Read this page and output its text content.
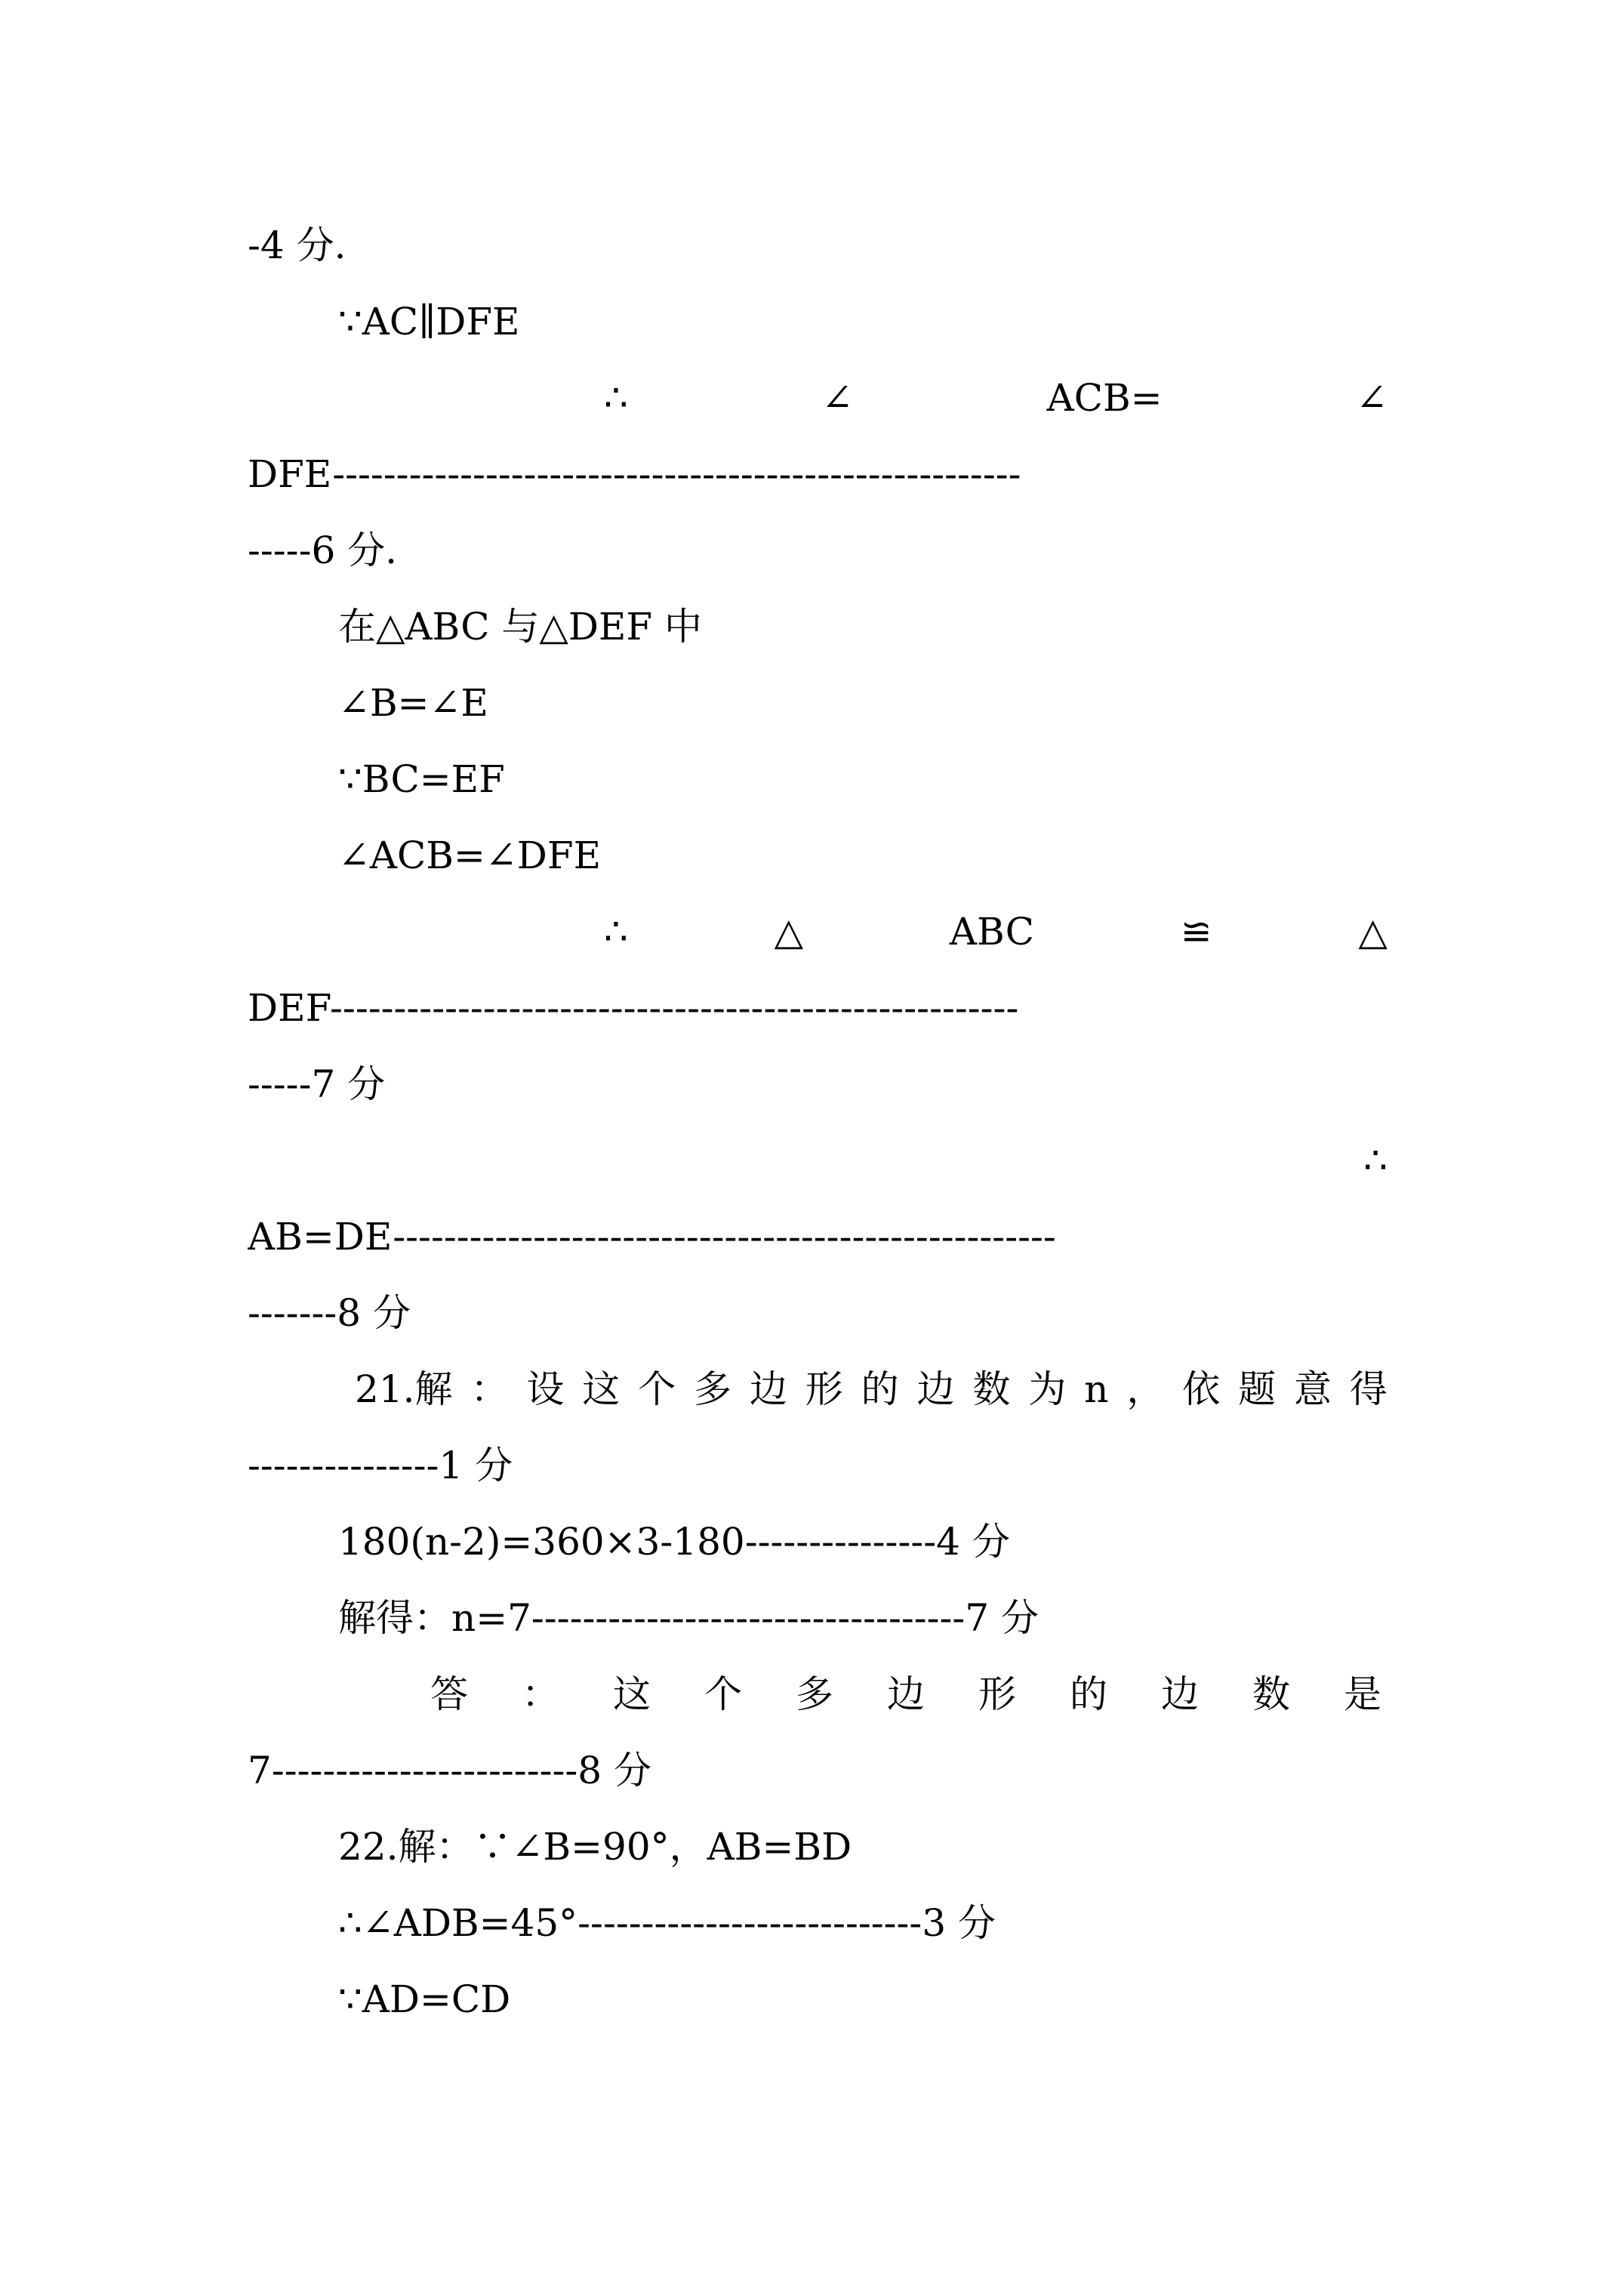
-4 分.
∵AC∥DFE
∴	∠	ACB=	∠
DFE------------------------------------------------------
-----6 分.
在△ABC 与△DEF 中
∠B=∠E
∵BC=EF
∠ACB=∠DFE
∴	△	ABC	≌	△
DEF------------------------------------------------------
-----7 分
∴
AB=DE----------------------------------------------------
-------8 分
21.解 ： 设 这 个 多 边 形 的 边 数 为 n ， 依 题 意 得
---------------1 分
180(n-2)=360×3-180---------------4 分
解得：n=7----------------------------------7 分
答 ： 这 个 多 边 形 的 边 数 是
7------------------------8 分
22.解：∵∠B=90°，AB=BD
∴∠ADB=45°---------------------------3 分
∵AD=CD
